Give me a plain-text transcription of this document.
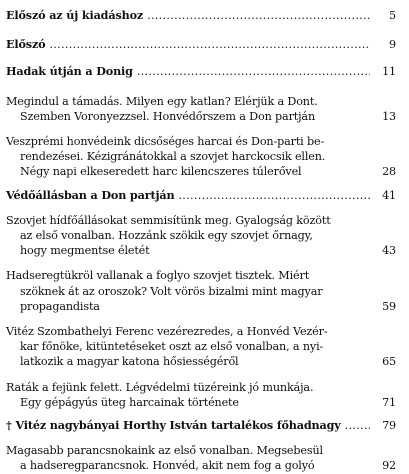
Előszó az új kiadáshoz .....	5
Előszó .....	9
Hadak útján a Donig .....	11
Megindul a támadás. Milyen egy katlan? Elérjük a Dont.
Szemben Voronyezzsel. Honvédőrszem a Don partján	13
Veszprémi honvédeink dicsőséges harcai és Don-parti be-
rendezései. Kézigránátokkal a szovjet harckocsik ellen.
Négy napi elkeseredett harc kilencszeres túlerővel	28
Védőállásban a Don partján .....	41
Szovjet hídfőállásokat semmisítünk meg. Gyalogság között
az első vonalban. Hozzánk szökik egy szovjet őrnagy,
hogy megmentse életét	43
Hadseregtükröl vallanak a foglyo szovjet tisztek. Miért
szöknek át az oroszok? Volt vörös bizalmi mint magyar
propagandista	59
Vitéz Szombathelyi Ferenc vezérezredes, a Honvéd Vezér-
kar főnöke, kitüntetéseket oszt az első vonalban, a nyi-
latkozik a magyar katona hősiességéről	65
Raták a fejünk felett. Légvédelmi tüzéreink jó munkája.
Egy gépágyús üteg harcainak története	71
† Vitéz nagybányai Horthy István tartalékos főhadnagy .....	79
Magasabb parancsnokaink az első vonalban. Megsebesül
a hadseregparancsnok. Honvéd, akit nem fog a golyó	92
